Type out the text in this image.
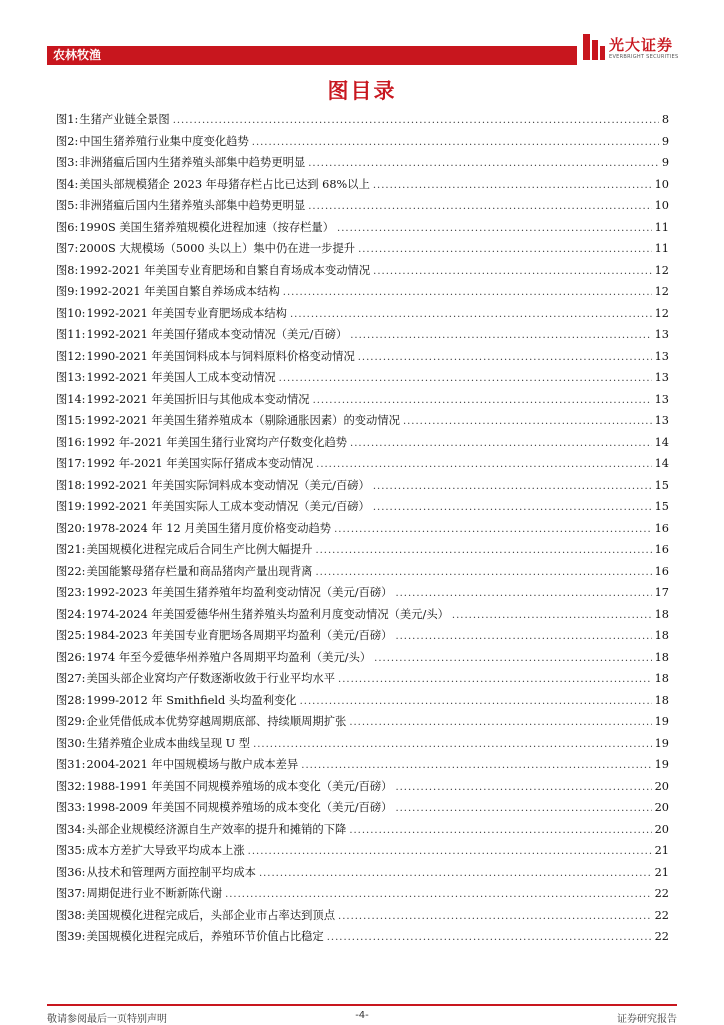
农林牧渔
光大证券
EVERBRIGHT SECURITIES
图目录
图1: 生猪产业链全景图 .....	8
图2: 中国生猪养殖行业集中度变化趋势 .....	9
图3: 非洲猪瘟后国内生猪养殖头部集中趋势更明显 .....	9
图4: 美国头部规模猪企 2023 年母猪存栏占比已达到 68%以上 .....	10
图5: 非洲猪瘟后国内生猪养殖头部集中趋势更明显 .....	10
图6: 1990S 美国生猪养殖规模化进程加速（按存栏量） .....	11
图7: 2000S 大规模场（5000 头以上）集中仍在进一步提升 .....	11
图8: 1992-2021 年美国专业育肥场和自繁自育场成本变动情况 .....	12
图9: 1992-2021 年美国自繁自养场成本结构 .....	12
图10: 1992-2021 年美国专业育肥场成本结构 .....	12
图11: 1992-2021 年美国仔猪成本变动情况（美元/百磅） .....	13
图12: 1990-2021 年美国饲料成本与饲料原料价格变动情况 .....	13
图13: 1992-2021 年美国人工成本变动情况 .....	13
图14: 1992-2021 年美国折旧与其他成本变动情况 .....	13
图15: 1992-2021 年美国生猪养殖成本（剔除通胀因素）的变动情况 .....	13
图16: 1992 年-2021 年美国生猪行业窝均产仔数变化趋势 .....	14
图17: 1992 年-2021 年美国实际仔猪成本变动情况 .....	14
图18: 1992-2021 年美国实际饲料成本变动情况（美元/百磅） .....	15
图19: 1992-2021 年美国实际人工成本变动情况（美元/百磅） .....	15
图20: 1978-2024 年 12 月美国生猪月度价格变动趋势 .....	16
图21: 美国规模化进程完成后合同生产比例大幅提升 .....	16
图22: 美国能繁母猪存栏量和商品猪肉产量出现背离 .....	16
图23: 1992-2023 年美国生猪养殖年均盈利变动情况（美元/百磅） .....	17
图24: 1974-2024 年美国爱德华州生猪养殖头均盈利月度变动情况（美元/头） .....	18
图25: 1984-2023 年美国专业育肥场各周期平均盈利（美元/百磅） .....	18
图26: 1974 年至今爱德华州养殖户各周期平均盈利（美元/头） .....	18
图27: 美国头部企业窝均产仔数逐渐收敛于行业平均水平 .....	18
图28: 1999-2012 年 Smithfield 头均盈利变化 .....	18
图29: 企业凭借低成本优势穿越周期底部、持续顺周期扩张 .....	19
图30: 生猪养殖企业成本曲线呈现 U 型 .....	19
图31: 2004-2021 年中国规模场与散户成本差异 .....	19
图32: 1988-1991 年美国不同规模养殖场的成本变化（美元/百磅） .....	20
图33: 1998-2009 年美国不同规模养殖场的成本变化（美元/百磅） .....	20
图34: 头部企业规模经济源自生产效率的提升和摊销的下降 .....	20
图35: 成本方差扩大导致平均成本上涨 .....	21
图36: 从技术和管理两方面控制平均成本 .....	21
图37: 周期促进行业不断新陈代谢 .....	22
图38: 美国规模化进程完成后，头部企业市占率达到顶点 .....	22
图39: 美国规模化进程完成后，养殖环节价值占比稳定 .....	22
敬请参阅最后一页特别声明	-4-	证券研究报告
